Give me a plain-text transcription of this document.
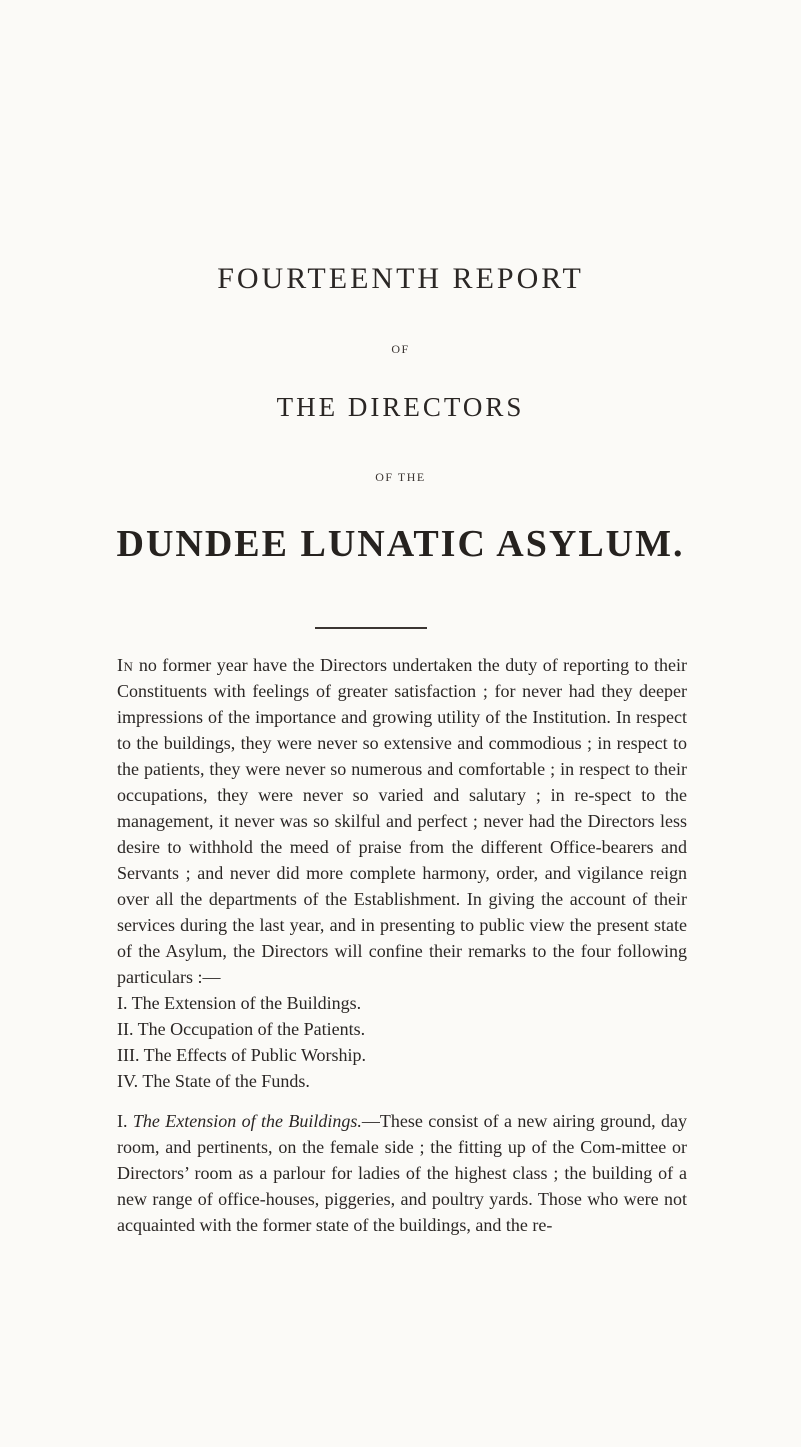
FOURTEENTH REPORT
OF
THE DIRECTORS
OF THE
DUNDEE LUNATIC ASYLUM.

In no former year have the Directors undertaken the duty of reporting to their Constituents with feelings of greater satisfaction ; for never had they deeper impressions of the importance and growing utility of the Institution. In respect to the buildings, they were never so extensive and commodious ; in respect to the patients, they were never so numerous and comfortable ; in respect to their occupations, they were never so varied and salutary ; in re-spect to the management, it never was so skilful and perfect ; never had the Directors less desire to withhold the meed of praise from the different Office-bearers and Servants ; and never did more complete harmony, order, and vigilance reign over all the departments of the Establishment. In giving the account of their services during the last year, and in presenting to public view the present state of the Asylum, the Directors will confine their remarks to the four following particulars :—

I. The Extension of the Buildings.
II. The Occupation of the Patients.
III. The Effects of Public Worship.
IV. The State of the Funds.

I. The Extension of the Buildings.—These consist of a new airing ground, day room, and pertinents, on the female side ; the fitting up of the Com-mittee or Directors’ room as a parlour for ladies of the highest class ; the building of a new range of office-houses, piggeries, and poultry yards. Those who were not acquainted with the former state of the buildings, and the re-
